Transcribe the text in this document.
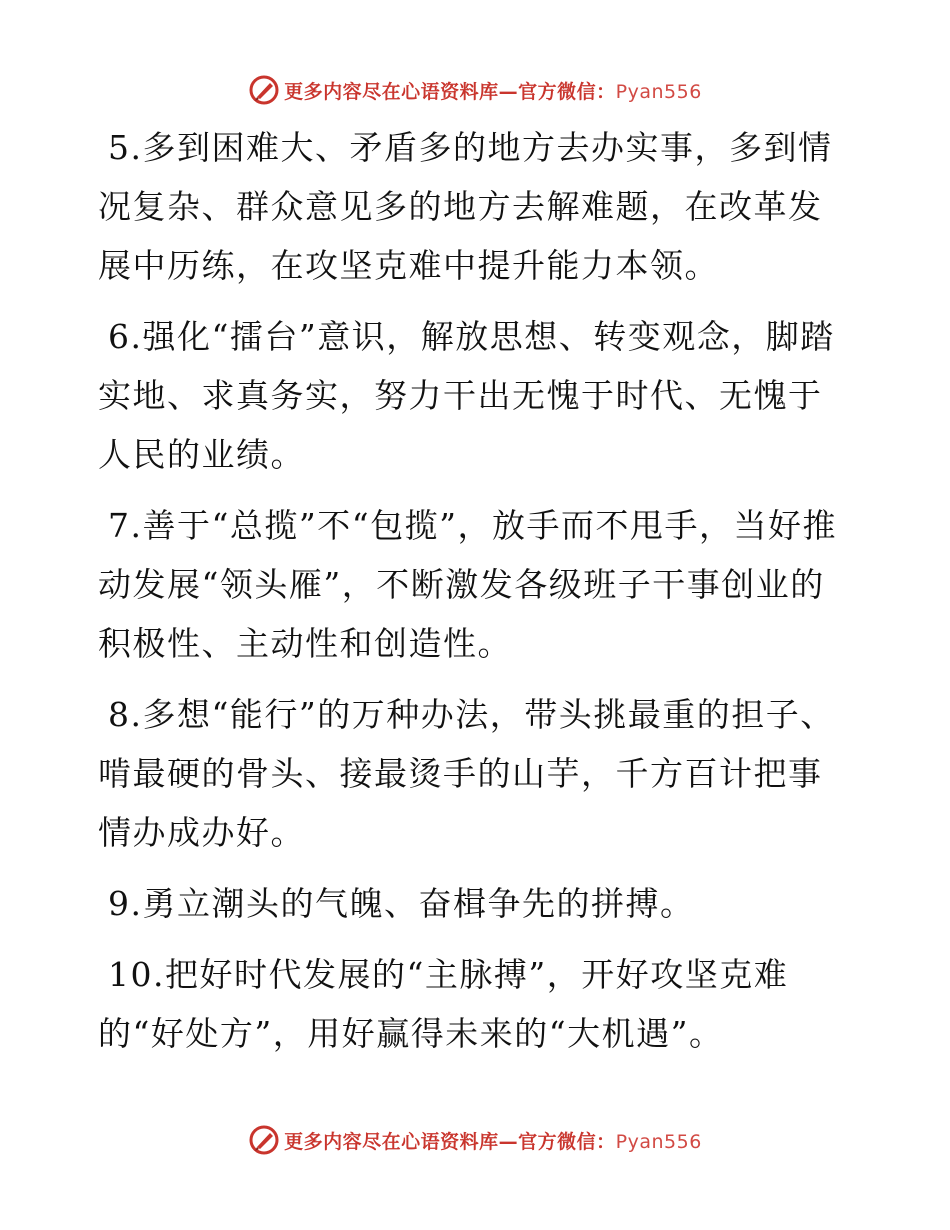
更多内容尽在心语资料库—官方微信：Pyan556

5.多到困难大、矛盾多的地方去办实事，多到情况复杂、群众意见多的地方去解难题，在改革发展中历练，在攻坚克难中提升能力本领。

6.强化“擂台”意识，解放思想、转变观念，脚踏实地、求真务实，努力干出无愧于时代、无愧于人民的业绩。

7.善于“总揽”不“包揽”，放手而不甩手，当好推动发展“领头雁”，不断激发各级班子干事创业的积极性、主动性和创造性。

8.多想“能行”的万种办法，带头挑最重的担子、啃最硬的骨头、接最烫手的山芋，千方百计把事情办成办好。

9.勇立潮头的气魄、奋楫争先的拼搏。

10.把好时代发展的“主脉搏”，开好攻坚克难的“好处方”，用好赢得未来的“大机遇”。

更多内容尽在心语资料库—官方微信：Pyan556
